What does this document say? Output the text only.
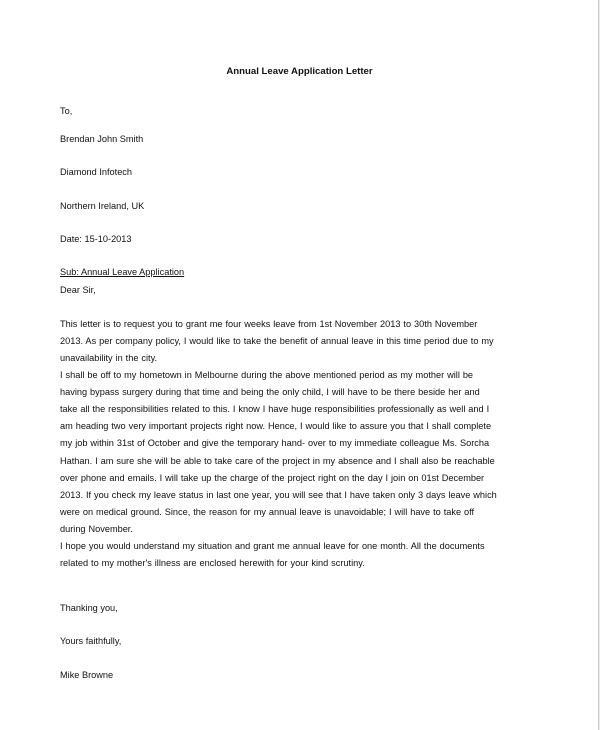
Annual Leave Application Letter
To,
Brendan John Smith
Diamond Infotech
Northern Ireland, UK
Date: 15-10-2013
Sub: Annual Leave Application
Dear Sir,
This letter is to request you to grant me four weeks leave from 1st November 2013 to 30th November
2013. As per company policy, I would like to take the benefit of annual leave in this time period due to my
unavailability in the city.
I shall be off to my hometown in Melbourne during the above mentioned period as my mother will be
having bypass surgery during that time and being the only child, I will have to be there beside her and
take all the responsibilities related to this. I know I have huge responsibilities professionally as well and I
am heading two very important projects right now. Hence, I would like to assure you that I shall complete
my job within 31st of October and give the temporary hand- over to my immediate colleague Ms. Sorcha
Hathan. I am sure she will be able to take care of the project in my absence and I shall also be reachable
over phone and emails. I will take up the charge of the project right on the day I join on 01st December
2013. If you check my leave status in last one year, you will see that I have taken only 3 days leave which
were on medical ground. Since, the reason for my annual leave is unavoidable; I will have to take off
during November.
I hope you would understand my situation and grant me annual leave for one month. All the documents
related to my mother's illness are enclosed herewith for your kind scrutiny.
Thanking you,
Yours faithfully,
Mike Browne
